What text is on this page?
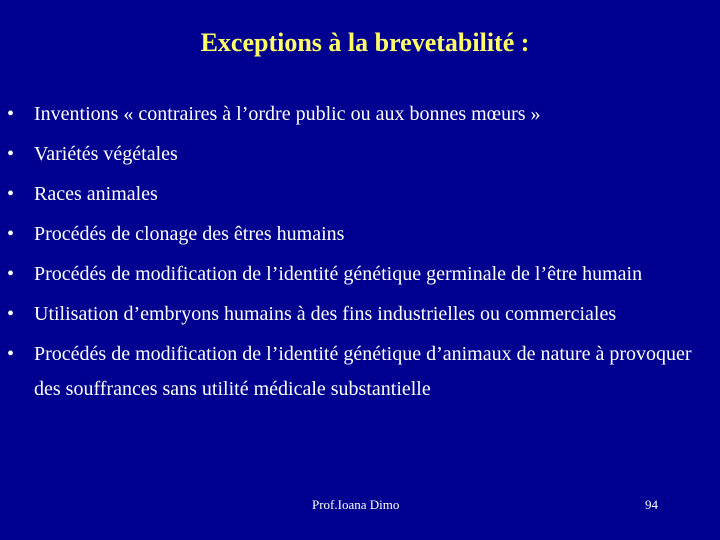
Exceptions à la brevetabilité :
• Inventions « contraires à l’ordre public ou aux bonnes mœurs »
• Variétés végétales
• Races animales
• Procédés de clonage des êtres humains
• Procédés de modification de l’identité génétique germinale de l’être humain
• Utilisation d’embryons humains à des fins industrielles ou commerciales
• Procédés de modification de l’identité génétique d’animaux de nature à provoquer des souffrances sans utilité médicale substantielle
Prof.Ioana Dimo	94
